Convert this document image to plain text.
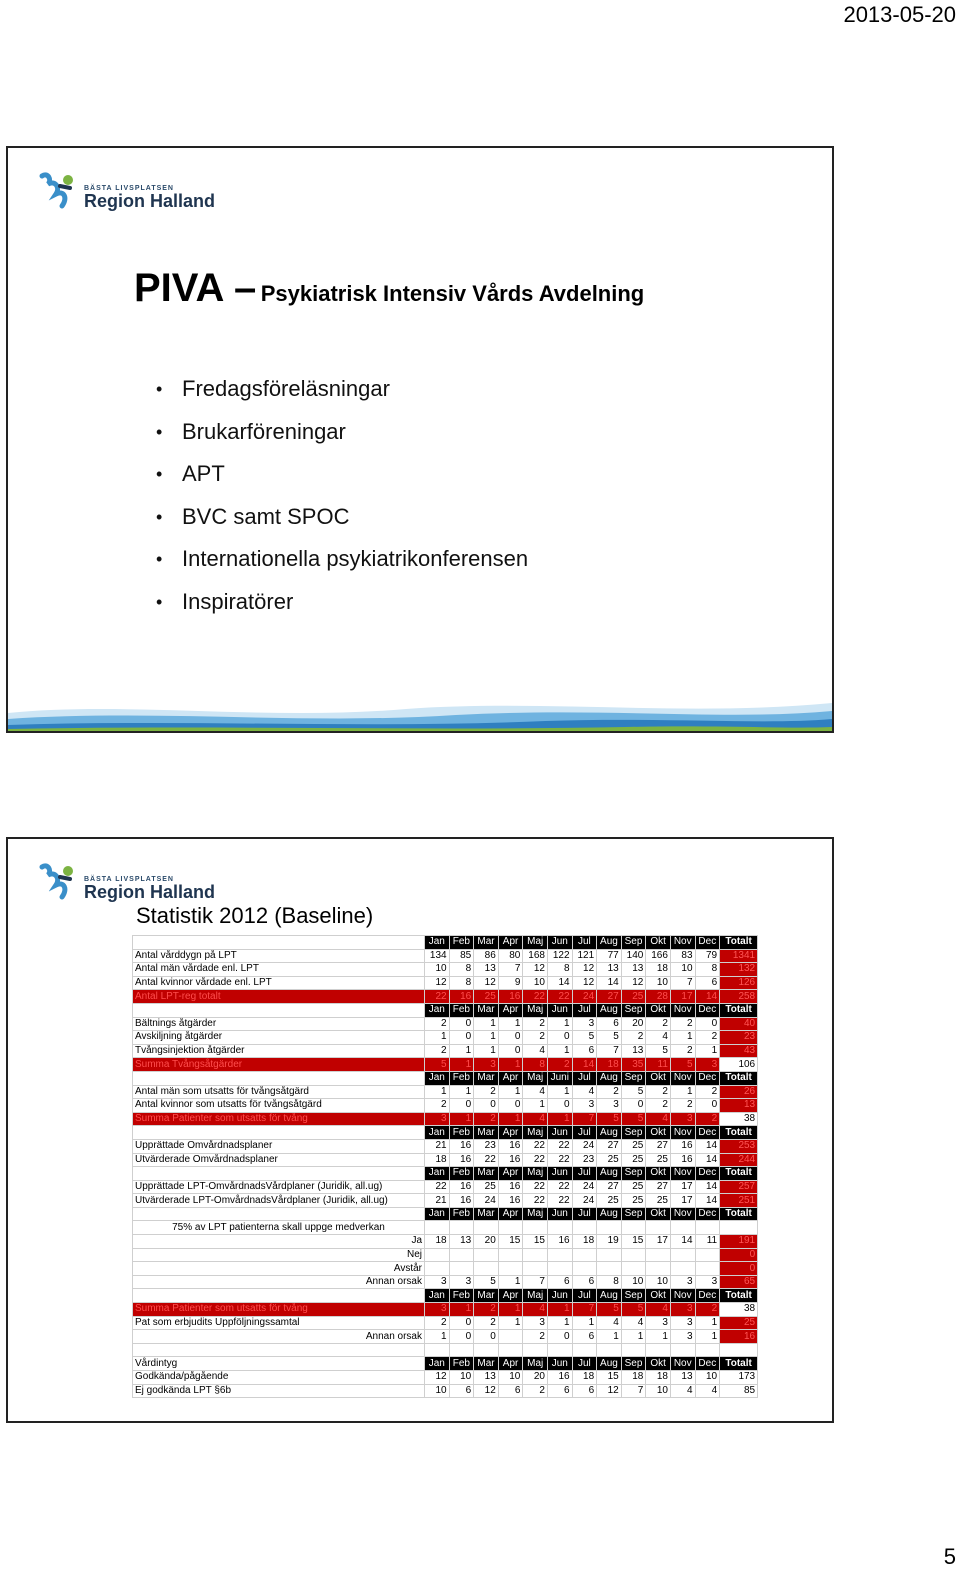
2013-05-20
BÄSTA LIVSPLATSEN
Region Halland
PIVA – Psykiatrisk Intensiv Vårds Avdelning
• Fredagsföreläsningar
• Brukarföreningar
• APT
• BVC samt SPOC
• Internationella psykiatrikonferensen
• Inspiratörer
BÄSTA LIVSPLATSEN
Region Halland
Statistik 2012 (Baseline)
	Jan	Feb	Mar	Apr	Maj	Jun	Jul	Aug	Sep	Okt	Nov	Dec	Totalt
Antal vårddygn på LPT	134	85	86	80	168	122	121	77	140	166	83	79	1341
Antal män vårdade enl. LPT	10	8	13	7	12	8	12	13	13	18	10	8	132
Antal kvinnor vårdade enl. LPT	12	8	12	9	10	14	12	14	12	10	7	6	126
Antal LPT-reg totalt	22	16	25	16	22	22	24	27	25	28	17	14	258
	Jan	Feb	Mar	Apr	Maj	Jun	Jul	Aug	Sep	Okt	Nov	Dec	Totalt
Bältnings åtgärder	2	0	1	1	2	1	3	6	20	2	2	0	40
Avskiljning åtgärder	1	0	1	0	2	0	5	5	2	4	1	2	23
Tvångsinjektion åtgärder	2	1	1	0	4	1	6	7	13	5	2	1	43
Summa Tvångsåtgärder	5	1	3	1	8	2	14	18	35	11	5	3	106
	Jan	Feb	Mar	Apr	Maj	Juni	Jul	Aug	Sep	Okt	Nov	Dec	Totalt
Antal män som utsatts för tvångsåtgärd	1	1	2	1	4	1	4	2	5	2	1	2	26
Antal kvinnor som utsatts för tvångsåtgärd	2	0	0	0	1	0	3	3	0	2	2	0	13
Summa Patienter som utsatts för tvång	3	1	2	1	4	1	7	5	5	4	3	2	38
	Jan	Feb	Mar	Apr	Maj	Jun	Jul	Aug	Sep	Okt	Nov	Dec	Totalt
Upprättade Omvårdnadsplaner	21	16	23	16	22	22	24	27	25	27	16	14	253
Utvärderade Omvårdnadsplaner	18	16	22	16	22	22	23	25	25	25	16	14	244
	Jan	Feb	Mar	Apr	Maj	Jun	Jul	Aug	Sep	Okt	Nov	Dec	Totalt
Upprättade LPT-OmvårdnadsVårdplaner (Juridik, all.ug)	22	16	25	16	22	22	24	27	25	27	17	14	257
Utvärderade LPT-OmvårdnadsVårdplaner (Juridik, all.ug)	21	16	24	16	22	22	24	25	25	25	17	14	251
	Jan	Feb	Mar	Apr	Maj	Jun	Jul	Aug	Sep	Okt	Nov	Dec	Totalt
75% av LPT patienterna skall uppge medverkan													
Ja	18	13	20	15	15	16	18	19	15	17	14	11	191
Nej													0
Avstår													0
Annan orsak	3	3	5	1	7	6	6	8	10	10	3	3	65
	Jan	Feb	Mar	Apr	Maj	Jun	Jul	Aug	Sep	Okt	Nov	Dec	Totalt
Summa Patienter som utsatts för tvång	3	1	2	1	4	1	7	5	5	4	3	2	38
Pat som erbjudits Uppföljningssamtal	2	0	2	1	3	1	1	4	4	3	3	1	25
Annan orsak	1	0	0		2	0	6	1	1	1	3	1	16

Vårdintyg	Jan	Feb	Mar	Apr	Maj	Jun	Jul	Aug	Sep	Okt	Nov	Dec	Totalt
Godkända/pågående	12	10	13	10	20	16	18	15	18	18	13	10	173
Ej godkända LPT §6b	10	6	12	6	2	6	6	12	7	10	4	4	85
5
